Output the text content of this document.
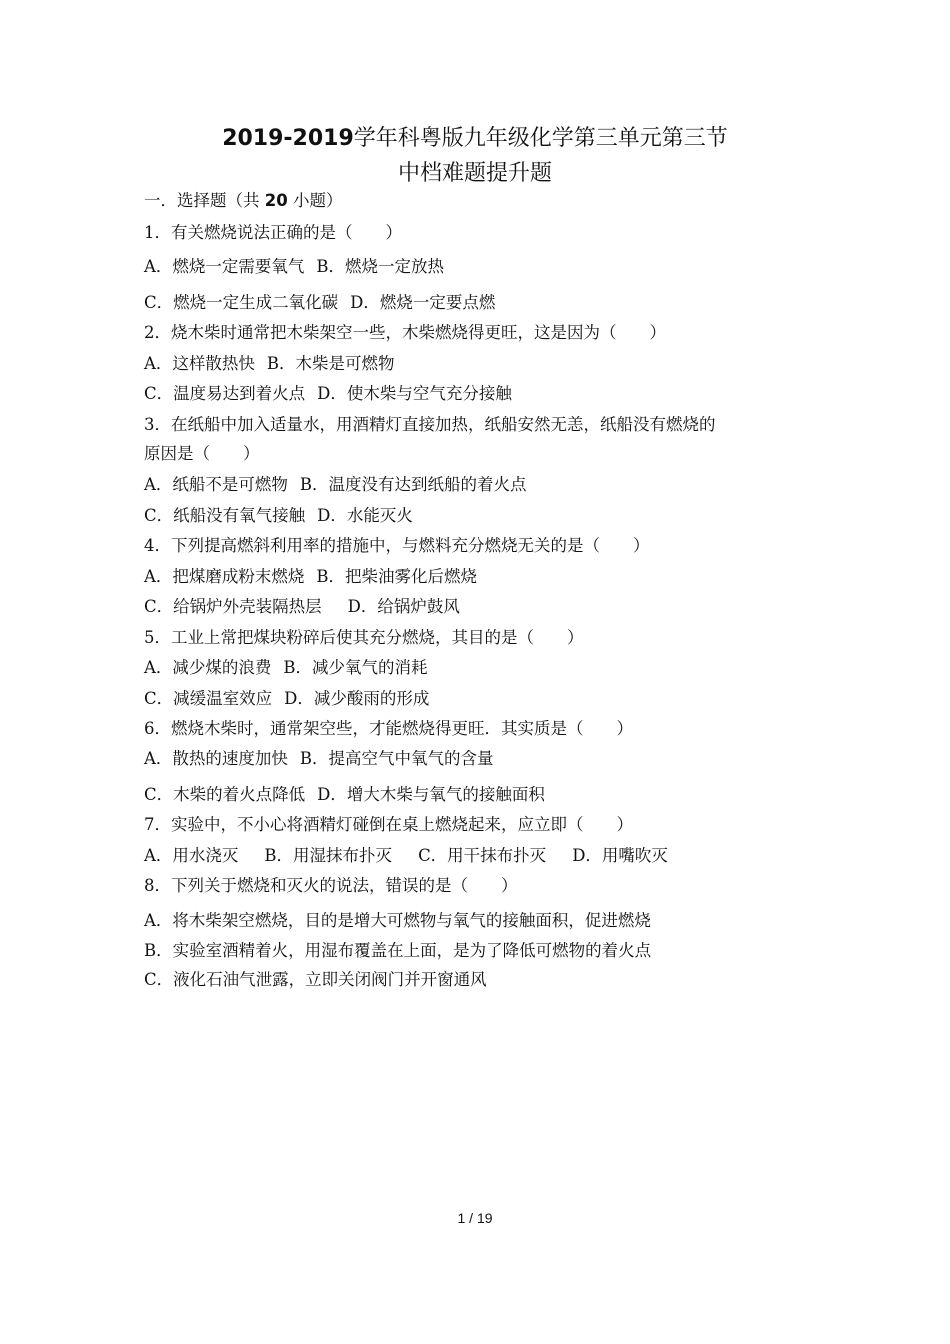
2019-2019学年科粤版九年级化学第三单元第三节
中档难题提升题
一．选择题（共 20 小题）
1．有关燃烧说法正确的是（　　）
A．燃烧一定需要氧气 B．燃烧一定放热
C．燃烧一定生成二氧化碳 D．燃烧一定要点燃
2．烧木柴时通常把木柴架空一些，木柴燃烧得更旺，这是因为（　　）
A．这样散热快 B．木柴是可燃物
C．温度易达到着火点 D．使木柴与空气充分接触
3．在纸船中加入适量水，用酒精灯直接加热，纸船安然无恙，纸船没有燃烧的
原因是（　　）
A．纸船不是可燃物 B．温度没有达到纸船的着火点
C．纸船没有氧气接触 D．水能灭火
4．下列提高燃斜利用率的措施中，与燃料充分燃烧无关的是（　　）
A．把煤磨成粉末燃烧 B．把柴油雾化后燃烧
C．给锅炉外壳装隔热层 D．给锅炉鼓风
5．工业上常把煤块粉碎后使其充分燃烧，其目的是（　　）
A．减少煤的浪费 B．减少氧气的消耗
C．减缓温室效应 D．减少酸雨的形成
6．燃烧木柴时，通常架空些，才能燃烧得更旺．其实质是（　　）
A．散热的速度加快 B．提高空气中氧气的含量
C．木柴的着火点降低 D．增大木柴与氧气的接触面积
7．实验中，不小心将酒精灯碰倒在桌上燃烧起来，应立即（　　）
A．用水浇灭 B．用湿抹布扑灭 C．用干抹布扑灭 D．用嘴吹灭
8．下列关于燃烧和灭火的说法，错误的是（　　）
A．将木柴架空燃烧，目的是增大可燃物与氧气的接触面积，促进燃烧
B．实验室酒精着火，用湿布覆盖在上面，是为了降低可燃物的着火点
C．液化石油气泄露，立即关闭阀门并开窗通风
1 / 19
